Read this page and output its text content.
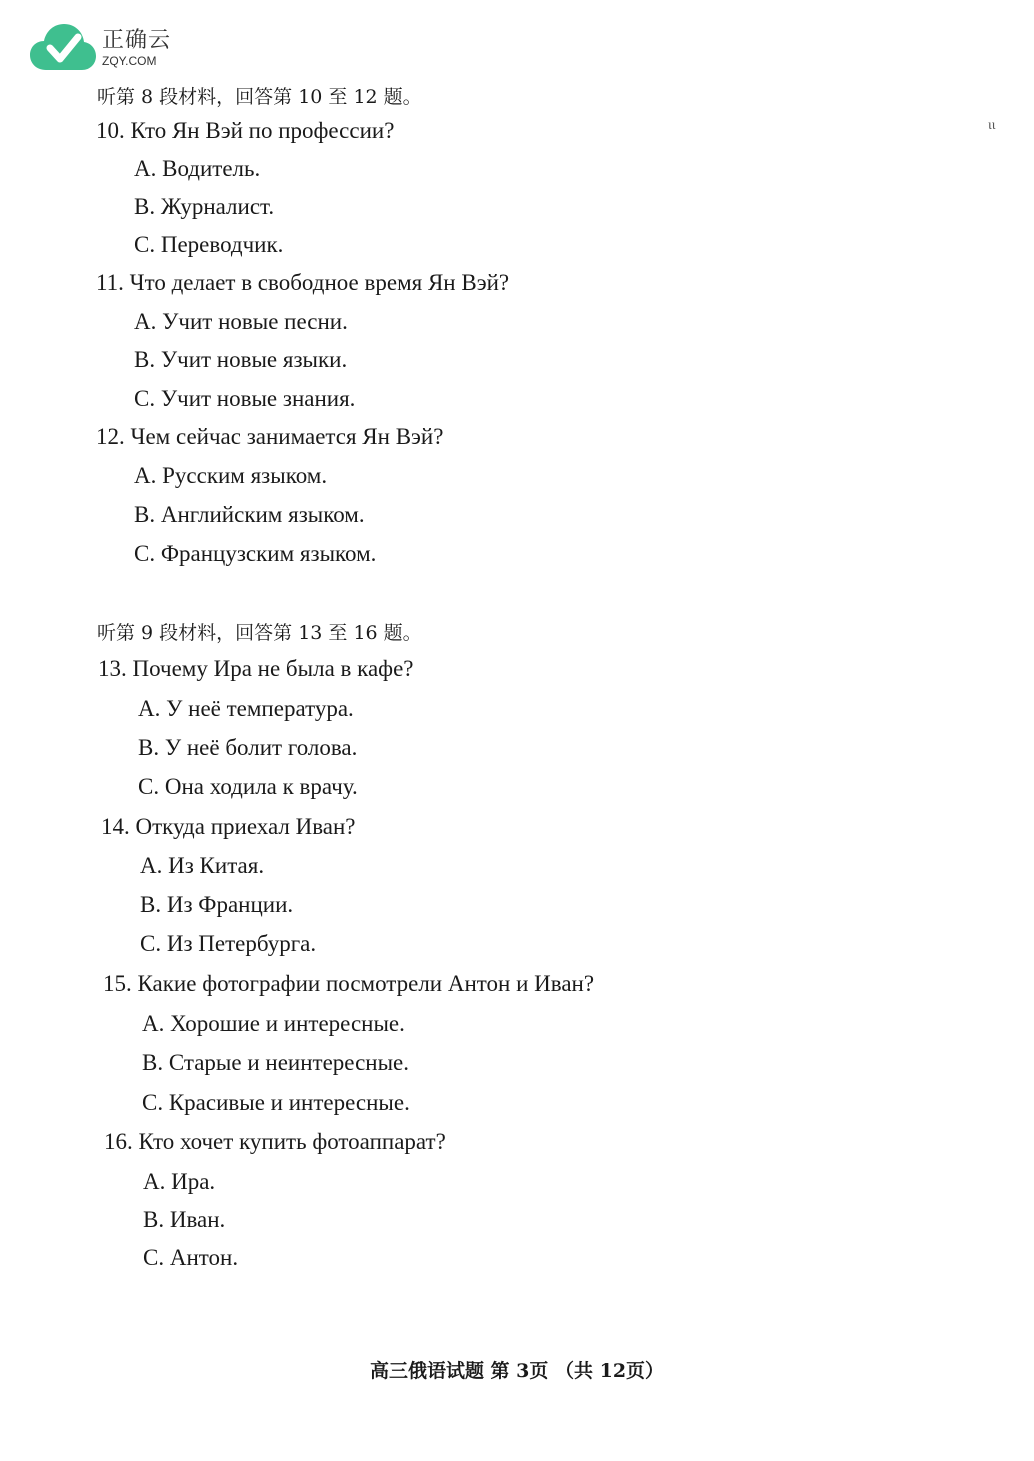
正确云
ZQY.COM
ιι
听第 8 段材料，回答第 10 至 12 题。
10. Кто Ян Вэй по профессии?
A. Водитель.
B. Журналист.
C. Переводчик.
11. Что делает в свободное время Ян Вэй?
A. Учит новые песни.
B. Учит новые языки.
C. Учит новые знания.
12. Чем сейчас занимается Ян Вэй?
A. Русским языком.
B. Английским языком.
C. Французским языком.
听第 9 段材料，回答第 13 至 16 题。
13. Почему Ира не была в кафе?
A. У неё температура.
B. У неё болит голова.
C. Она ходила к врачу.
14. Откуда приехал Иван?
A. Из Китая.
B. Из Франции.
C. Из Петербурга.
15. Какие фотографии посмотрели Антон и Иван?
A. Хорошие и интересные.
B. Старые и неинтересные.
C. Красивые и интересные.
16. Кто хочет купить фотоаппарат?
A. Ира.
B. Иван.
C. Антон.
高三俄语试题 第 3页 （共 12页）
